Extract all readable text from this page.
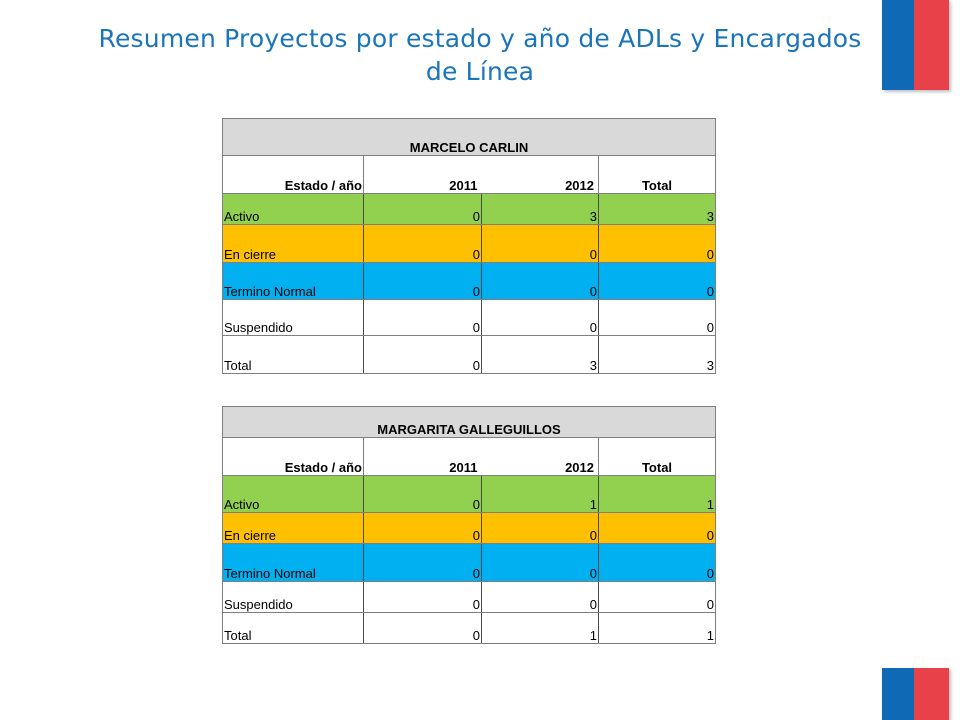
Resumen Proyectos por estado y año de ADLs y Encargados de Línea
MARCELO CARLIN			
Estado / año	2011	2012	Total
Activo	0	3	3
En cierre	0	0	0
Termino Normal	0	0	0
Suspendido	0	0	0
Total	0	3	3
MARGARITA GALLEGUILLOS			
Estado / año	2011	2012	Total
Activo	0	1	1
En cierre	0	0	0
Termino Normal	0	0	0
Suspendido	0	0	0
Total	0	1	1
